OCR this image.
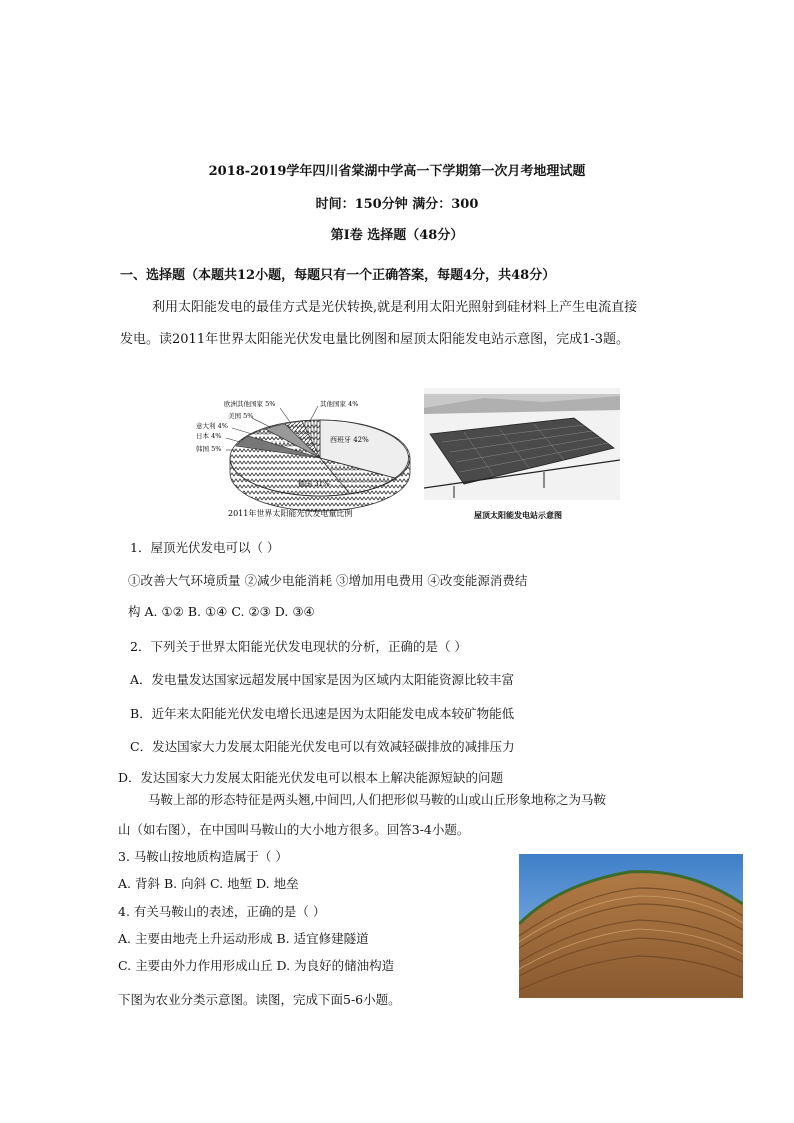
2018-2019学年四川省棠湖中学高一下学期第一次月考地理试题
时间：150分钟 满分：300
第Ⅰ卷 选择题（48分）
一、选择题（本题共12小题，每题只有一个正确答案，每题4分，共48分）
利用太阳能发电的最佳方式是光伏转换,就是利用太阳光照射到硅材料上产生电流直接
发电。读2011年世界太阳能光伏发电量比例图和屋顶太阳能发电站示意图，完成1-3题。
欧洲其他国家 5%	其他国家 4%
美国 5%
意大利 4%
日本 4%
韩国 5%
西班牙 42%
德国 31%
2011年世界太阳能光伏发电量比例	屋顶太阳能发电站示意图
1．屋顶光伏发电可以（ ）
①改善大气环境质量 ②减少电能消耗 ③增加用电费用 ④改变能源消费结
构 A. ①② B. ①④ C. ②③ D. ③④
2．下列关于世界太阳能光伏发电现状的分析，正确的是（ ）
A．发电量发达国家远超发展中国家是因为区域内太阳能资源比较丰富
B．近年来太阳能光伏发电增长迅速是因为太阳能发电成本较矿物能低
C．发达国家大力发展太阳能光伏发电可以有效减轻碳排放的减排压力
D．发达国家大力发展太阳能光伏发电可以根本上解决能源短缺的问题
马鞍上部的形态特征是两头翘,中间凹,人们把形似马鞍的山或山丘形象地称之为马鞍
山（如右图），在中国叫马鞍山的大小地方很多。回答3-4小题。
3. 马鞍山按地质构造属于（ ）
A. 背斜 B. 向斜 C. 地堑 D. 地垒
4. 有关马鞍山的表述，正确的是（ ）
A. 主要由地壳上升运动形成 B. 适宜修建隧道
C. 主要由外力作用形成山丘 D. 为良好的储油构造
下图为农业分类示意图。读图，完成下面5-6小题。
